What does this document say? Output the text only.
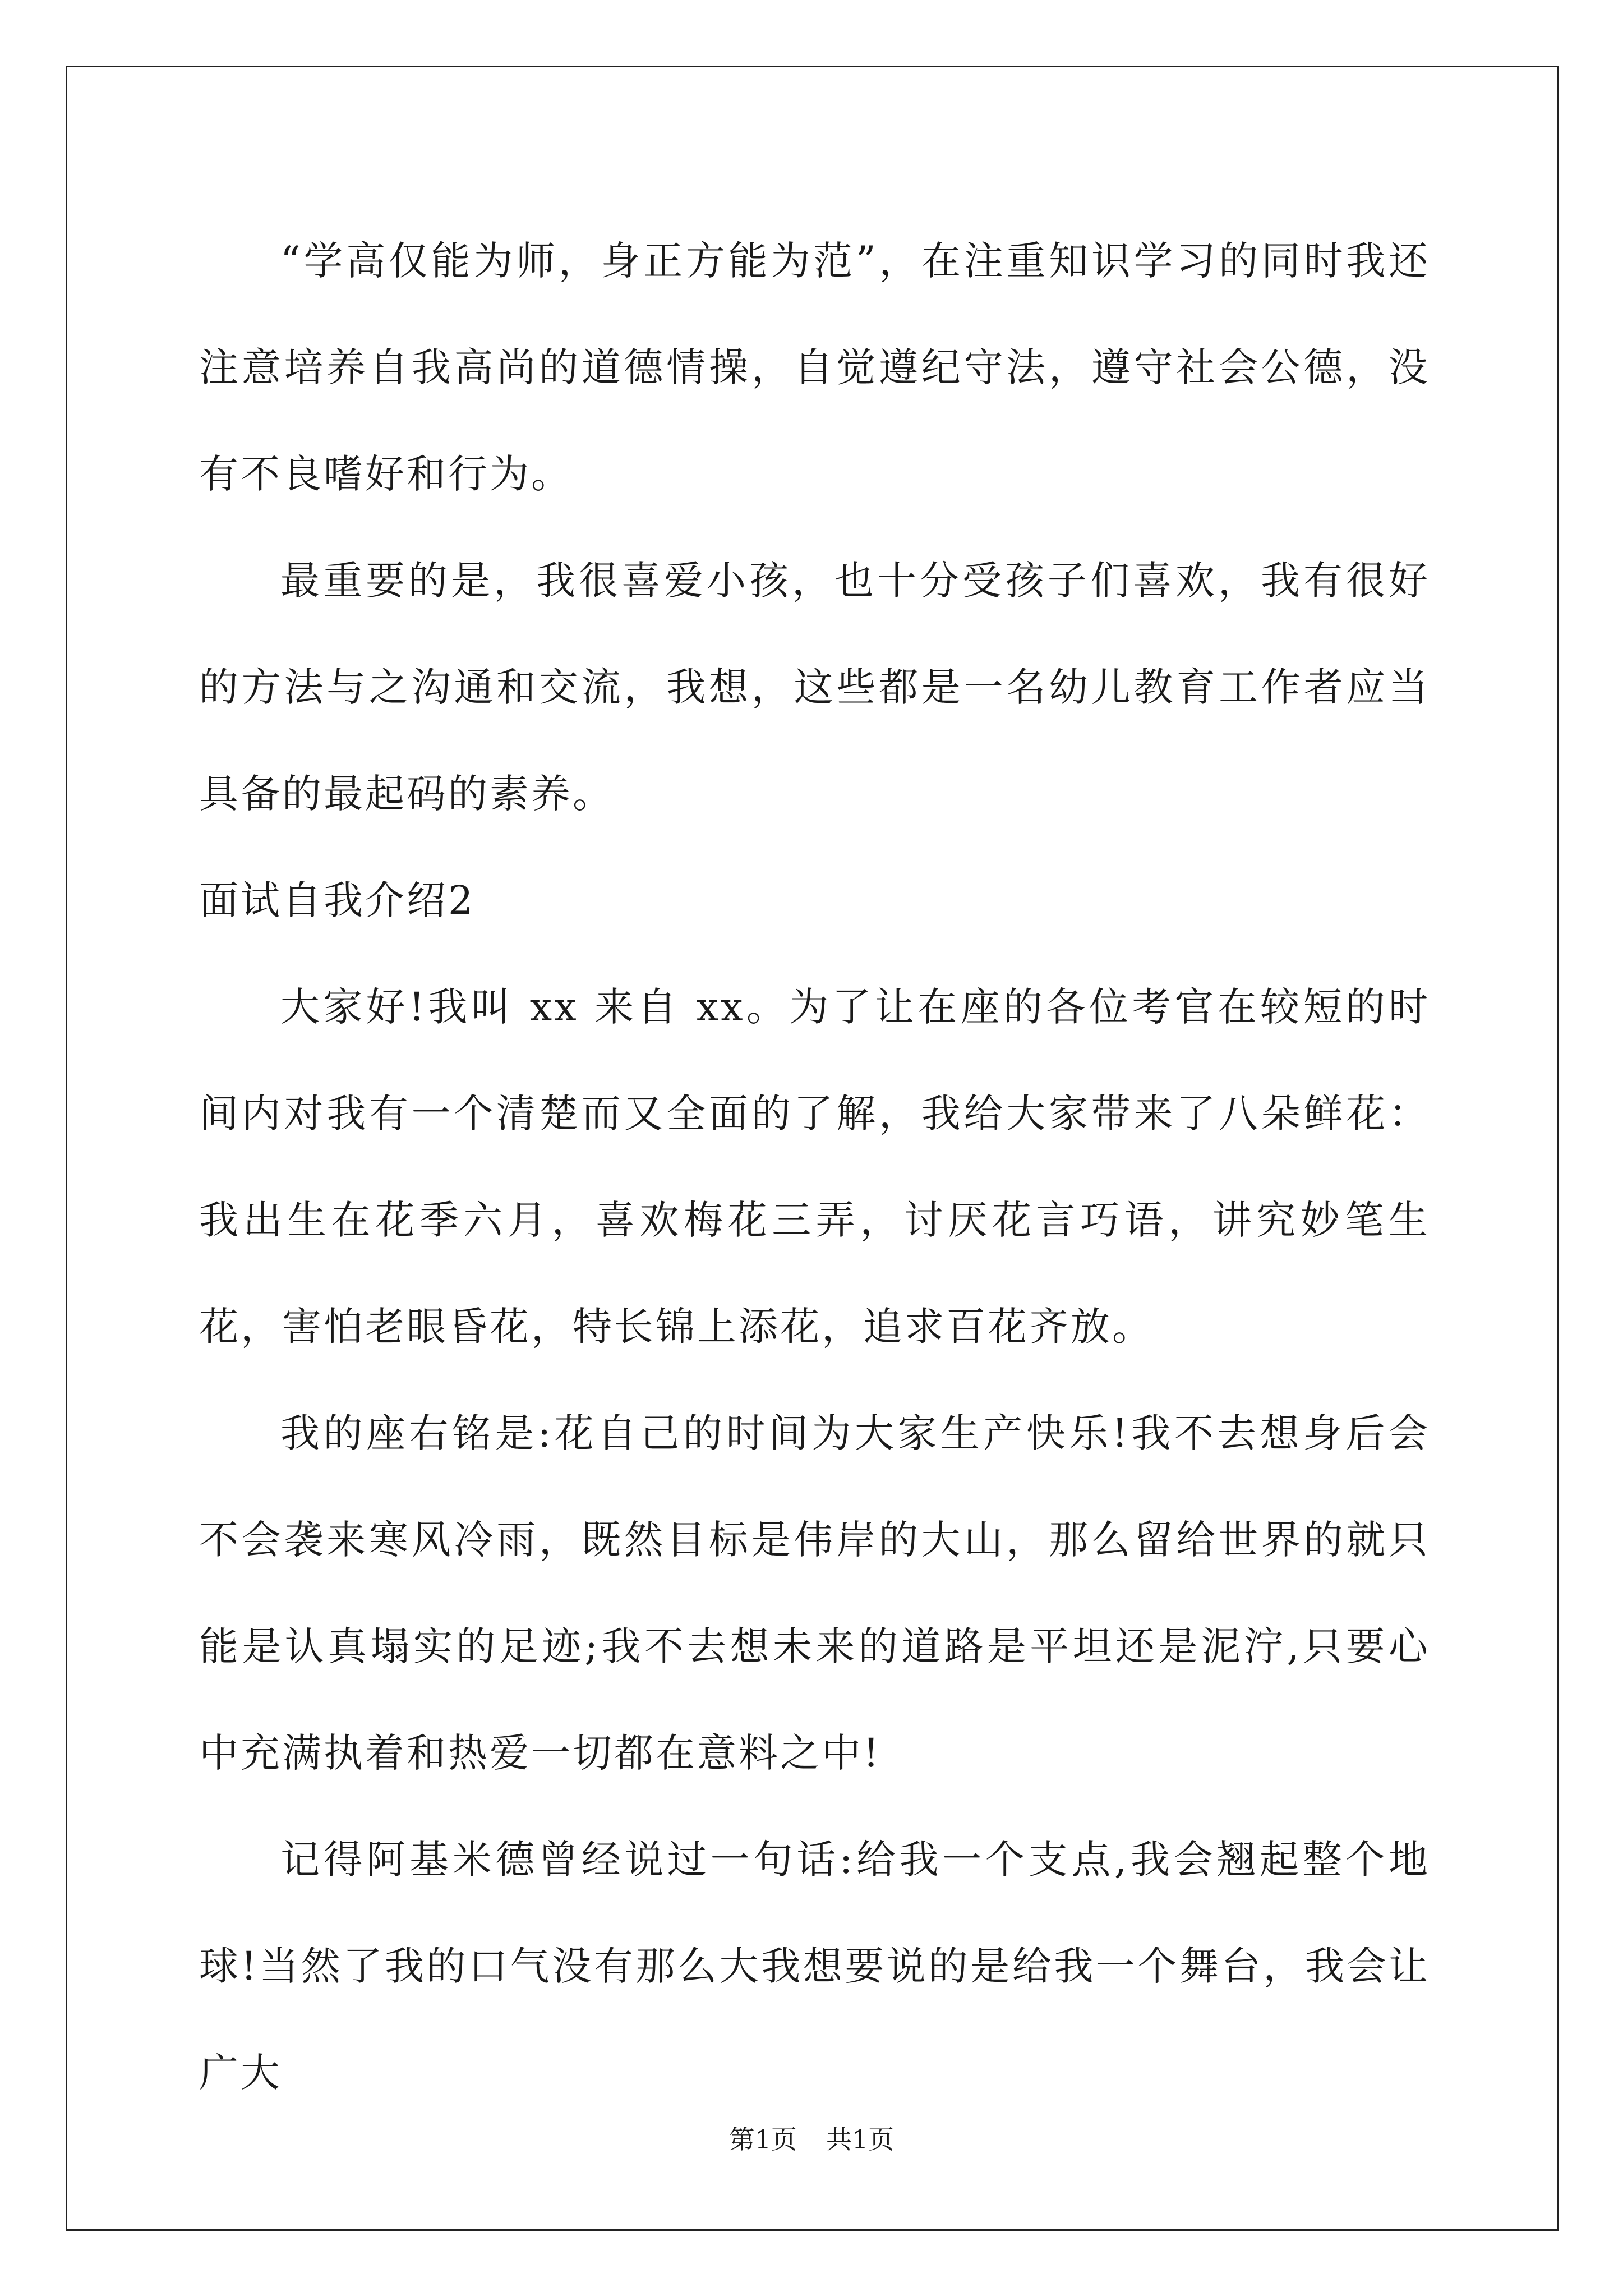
“学高仅能为师，身正方能为范”，在注重知识学习的同时我还注意培养自我高尚的道德情操，自觉遵纪守法，遵守社会公德，没有不良嗜好和行为。

最重要的是，我很喜爱小孩，也十分受孩子们喜欢，我有很好的方法与之沟通和交流，我想，这些都是一名幼儿教育工作者应当具备的最起码的素养。

面试自我介绍2

大家好!我叫 xx 来自 xx。为了让在座的各位考官在较短的时间内对我有一个清楚而又全面的了解，我给大家带来了八朵鲜花：我出生在花季六月，喜欢梅花三弄，讨厌花言巧语，讲究妙笔生花，害怕老眼昏花，特长锦上添花，追求百花齐放。

我的座右铭是:花自己的时间为大家生产快乐!我不去想身后会不会袭来寒风冷雨，既然目标是伟岸的大山，那么留给世界的就只能是认真塌实的足迹;我不去想未来的道路是平坦还是泥泞,只要心中充满执着和热爱一切都在意料之中!

记得阿基米德曾经说过一句话:给我一个支点,我会翘起整个地球!当然了我的口气没有那么大我想要说的是给我一个舞台，我会让广大

第1页 共1页
